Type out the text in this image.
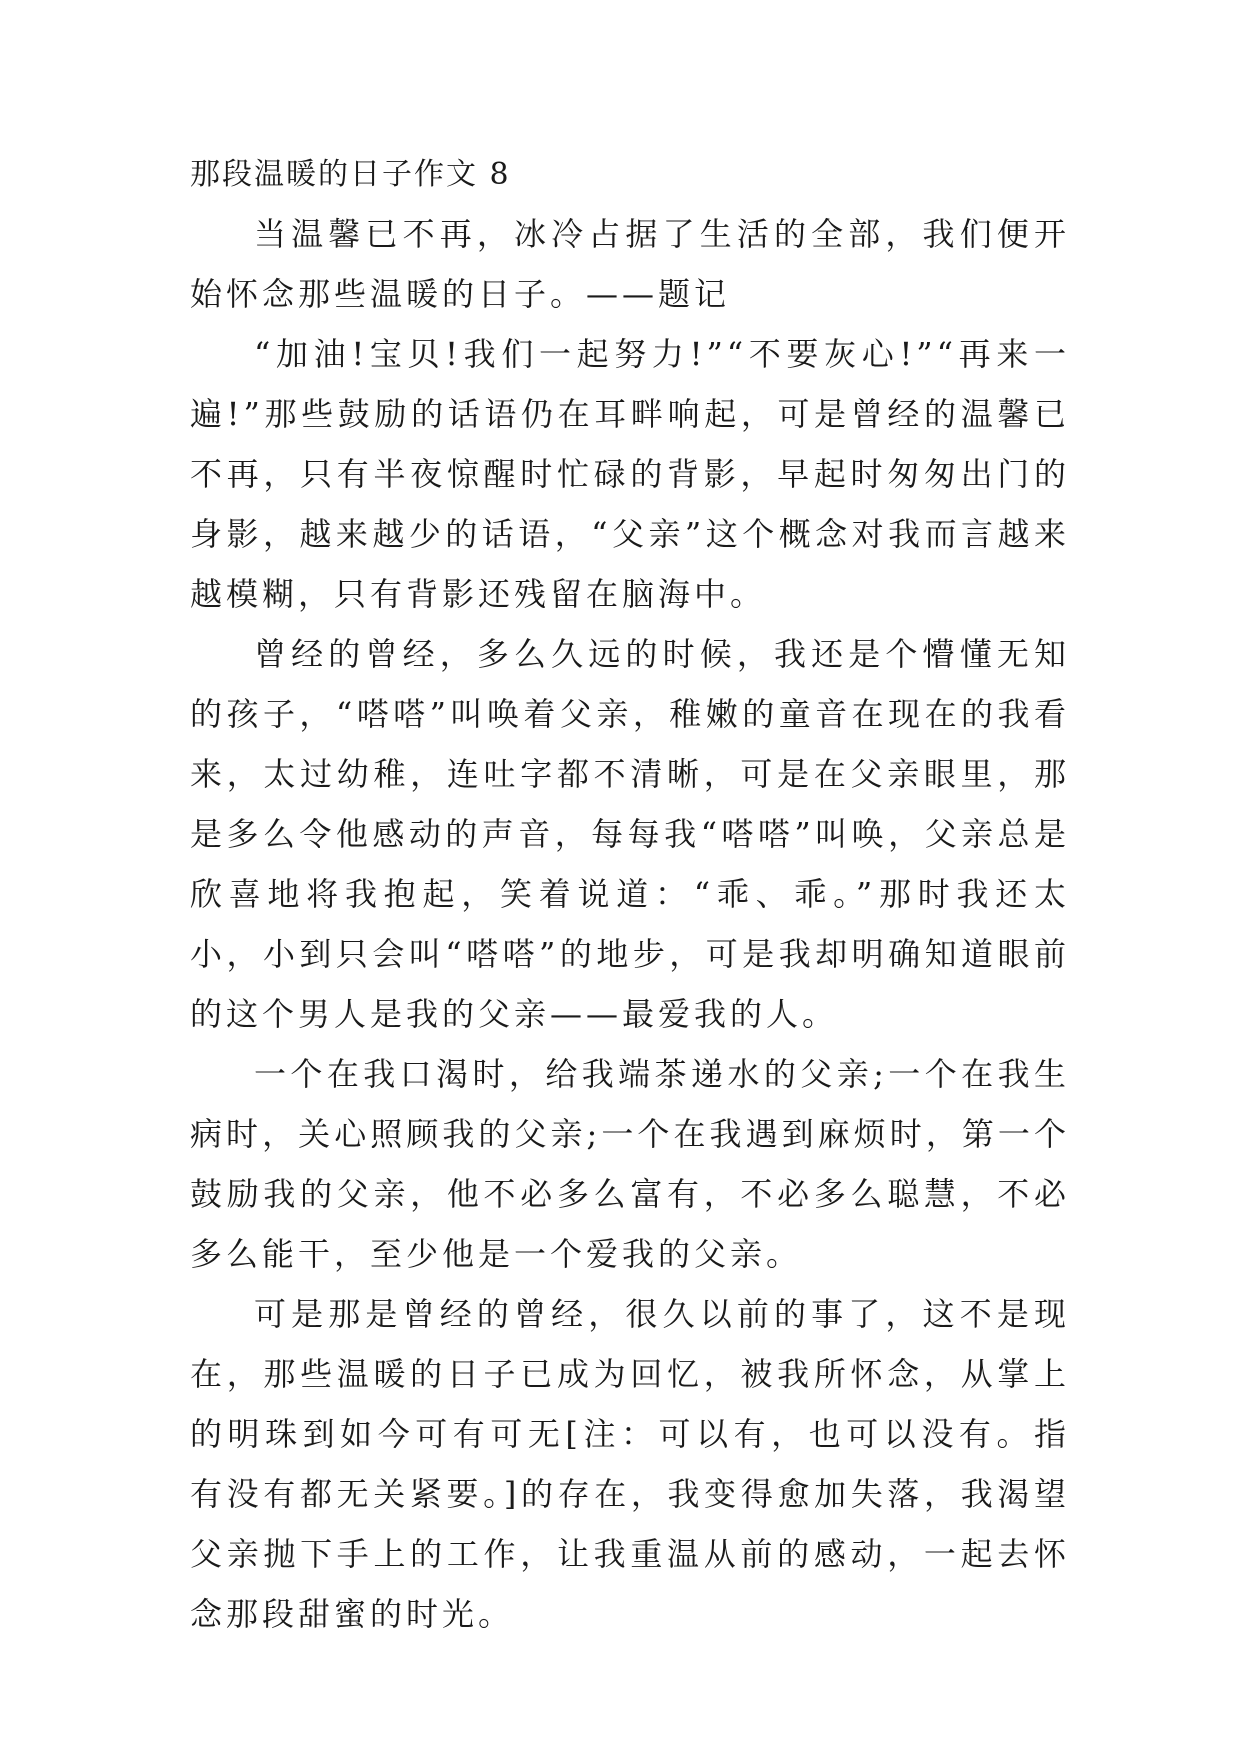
那段温暖的日子作文 8

当温馨已不再，冰冷占据了生活的全部，我们便开始怀念那些温暖的日子。——题记

“加油!宝贝!我们一起努力!”“不要灰心!”“再来一遍!”那些鼓励的话语仍在耳畔响起，可是曾经的温馨已不再，只有半夜惊醒时忙碌的背影，早起时匆匆出门的身影，越来越少的话语，“父亲”这个概念对我而言越来越模糊，只有背影还残留在脑海中。

曾经的曾经，多么久远的时候，我还是个懵懂无知的孩子，“嗒嗒”叫唤着父亲，稚嫩的童音在现在的我看来，太过幼稚，连吐字都不清晰，可是在父亲眼里，那是多么令他感动的声音，每每我“嗒嗒”叫唤，父亲总是欣喜地将我抱起，笑着说道：“乖、乖。”那时我还太小，小到只会叫“嗒嗒”的地步，可是我却明确知道眼前的这个男人是我的父亲——最爱我的人。

一个在我口渴时，给我端茶递水的父亲;一个在我生病时，关心照顾我的父亲;一个在我遇到麻烦时，第一个鼓励我的父亲，他不必多么富有，不必多么聪慧，不必多么能干，至少他是一个爱我的父亲。

可是那是曾经的曾经，很久以前的事了，这不是现在，那些温暖的日子已成为回忆，被我所怀念，从掌上的明珠到如今可有可无[注：可以有，也可以没有。指有没有都无关紧要。]的存在，我变得愈加失落，我渴望父亲抛下手上的工作，让我重温从前的感动，一起去怀念那段甜蜜的时光。
